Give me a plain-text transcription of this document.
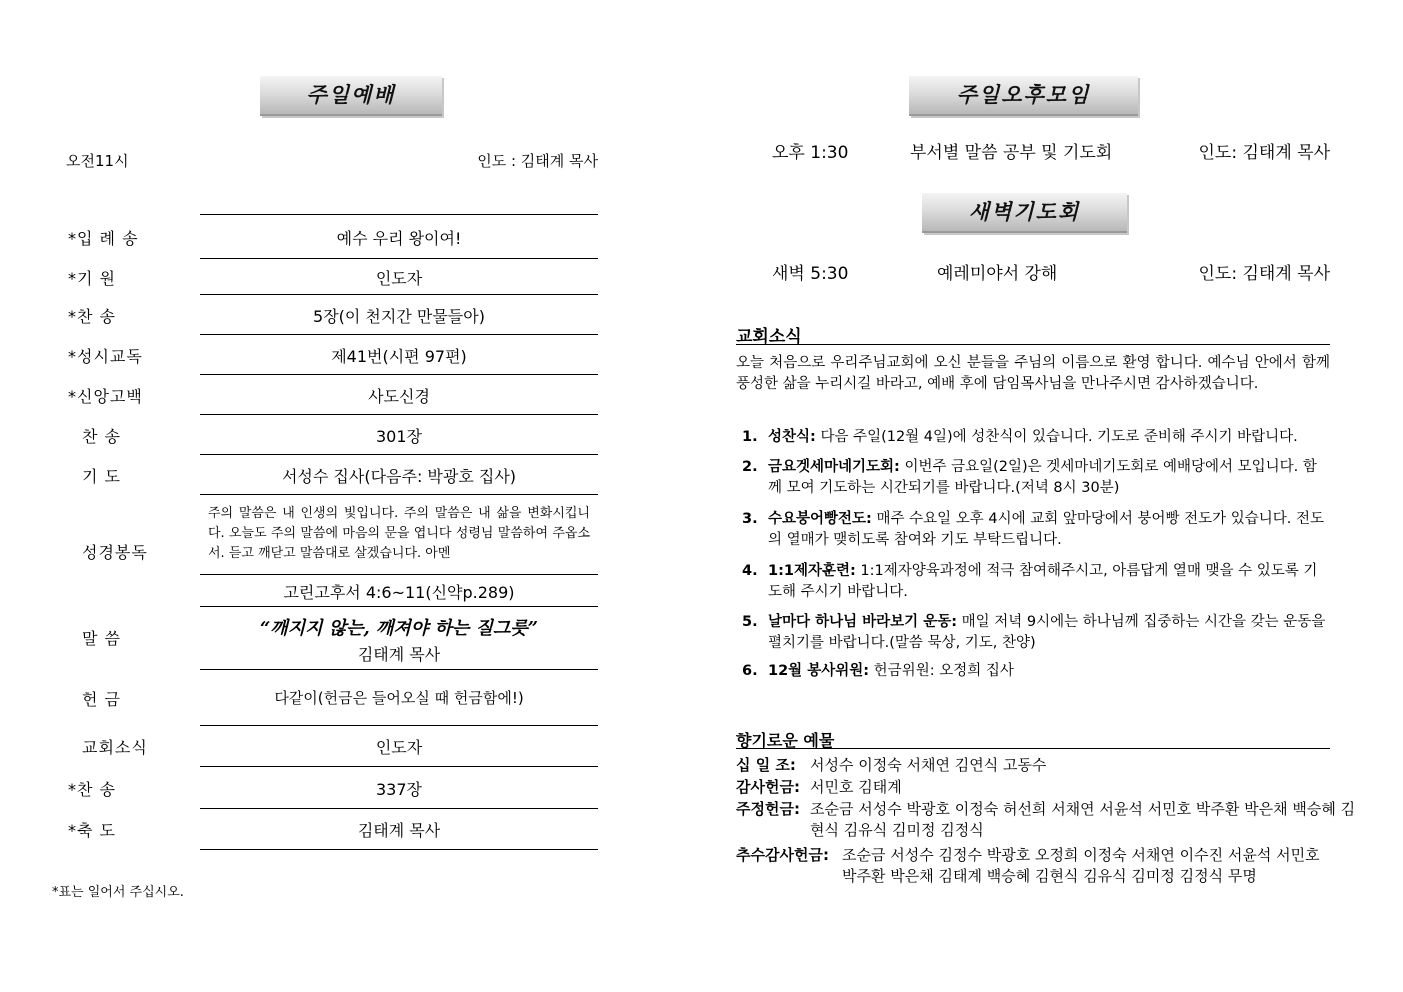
주일예배
오전11시	인도 : 김태계 목사
*입 례 송	예수 우리 왕이여!
*기 원	인도자
*찬 송	5장(이 천지간 만물들아)
*성시교독	제41번(시편 97편)
*신앙고백	사도신경
찬 송	301장
기 도	서성수 집사(다음주: 박광호 집사)
성경봉독
주의 말씀은 내 인생의 빛입니다. 주의 말씀은 내 삶을 변화시킵니다. 오늘도 주의 말씀에 마음의 문을 엽니다 성령님 말씀하여 주옵소서. 듣고 깨닫고 말씀대로 살겠습니다. 아멘
고린고후서 4:6~11(신약p.289)
말 씀	“깨지지 않는, 깨져야 하는 질그릇”
김태계 목사
헌 금	다같이(헌금은 들어오실 때 헌금함에!)
교회소식	인도자
*찬 송	337장
*축 도	김태계 목사
*표는 일어서 주십시오.
주일오후모임
오후 1:30	부서별 말씀 공부 및 기도회	인도: 김태계 목사
새벽기도회
새벽 5:30	예레미야서 강해	인도: 김태계 목사
교회소식
오늘 처음으로 우리주님교회에 오신 분들을 주님의 이름으로 환영 합니다. 예수님 안에서 함께 풍성한 삶을 누리시길 바라고, 예배 후에 담임목사님을 만나주시면 감사하겠습니다.
1. 성찬식: 다음 주일(12월 4일)에 성찬식이 있습니다. 기도로 준비해 주시기 바랍니다.
2. 금요겟세마네기도회: 이번주 금요일(2일)은 겟세마네기도회로 예배당에서 모입니다. 함께 모여 기도하는 시간되기를 바랍니다.(저녁 8시 30분)
3. 수요붕어빵전도: 매주 수요일 오후 4시에 교회 앞마당에서 붕어빵 전도가 있습니다. 전도의 열매가 맺히도록 참여와 기도 부탁드립니다.
4. 1:1제자훈련: 1:1제자양육과정에 적극 참여해주시고, 아름답게 열매 맺을 수 있도록 기도해 주시기 바랍니다.
5. 날마다 하나님 바라보기 운동: 매일 저녁 9시에는 하나님께 집중하는 시간을 갖는 운동을 펼치기를 바랍니다.(말씀 묵상, 기도, 찬양)
6. 12월 봉사위원: 헌금위원: 오정희 집사
향기로운 예물
십 일 조: 서성수 이정숙 서채연 김연식 고동수
감사헌금: 서민호 김태계
주정헌금: 조순금 서성수 박광호 이정숙 허선희 서채연 서윤석 서민호 박주환 박은채 백승혜 김현식 김유식 김미정 김정식
추수감사헌금: 조순금 서성수 김정수 박광호 오정희 이정숙 서채연 이수진 서윤석 서민호 박주환 박은채 김태계 백승혜 김현식 김유식 김미정 김정식 무명
